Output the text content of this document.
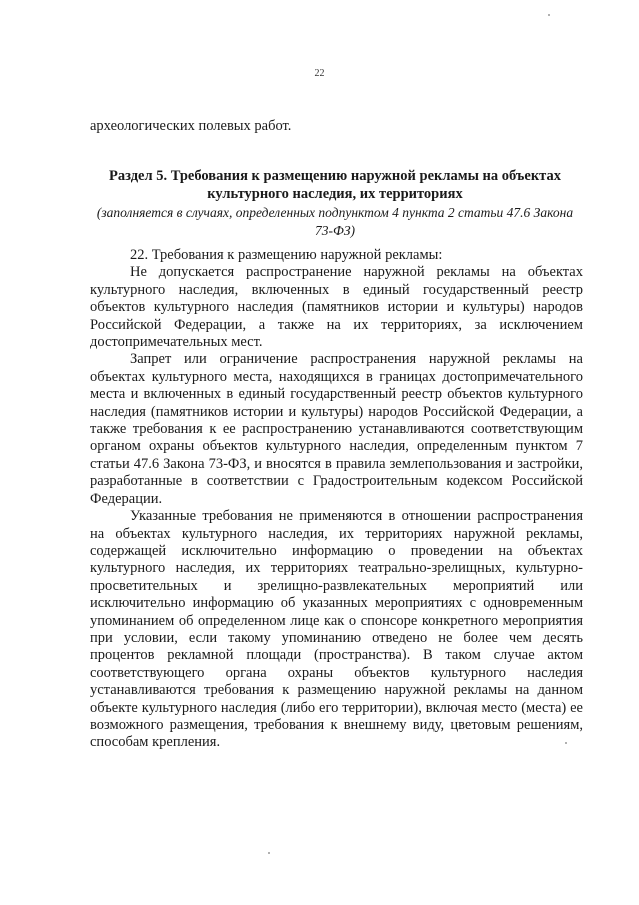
22
археологических полевых работ.
Раздел 5. Требования к размещению наружной рекламы на объектах культурного наследия, их территориях
(заполняется в случаях, определенных подпунктом 4 пункта 2 статьи 47.6 Закона 73-ФЗ)

22. Требования к размещению наружной рекламы:

Не допускается распространение наружной рекламы на объектах культурного наследия, включенных в единый государственный реестр объектов культурного наследия (памятников истории и культуры) народов Российской Федерации, а также на их территориях, за исключением достопримечательных мест.

Запрет или ограничение распространения наружной рекламы на объектах культурного места, находящихся в границах достопримечательного места и включенных в единый государственный реестр объектов культурного наследия (памятников истории и культуры) народов Российской Федерации, а также требования к ее распространению устанавливаются соответствующим органом охраны объектов культурного наследия, определенным пунктом 7 статьи 47.6 Закона 73-ФЗ, и вносятся в правила землепользования и застройки, разработанные в соответствии с Градостроительным кодексом Российской Федерации.

Указанные требования не применяются в отношении распространения на объектах культурного наследия, их территориях наружной рекламы, содержащей исключительно информацию о проведении на объектах культурного наследия, их территориях театрально-зрелищных, культурно-просветительных и зрелищно-развлекательных мероприятий или исключительно информацию об указанных мероприятиях с одновременным упоминанием об определенном лице как о спонсоре конкретного мероприятия при условии, если такому упоминанию отведено не более чем десять процентов рекламной площади (пространства). В таком случае актом соответствующего органа охраны объектов культурного наследия устанавливаются требования к размещению наружной рекламы на данном объекте культурного наследия (либо его территории), включая место (места) ее возможного размещения, требования к внешнему виду, цветовым решениям, способам крепления.
